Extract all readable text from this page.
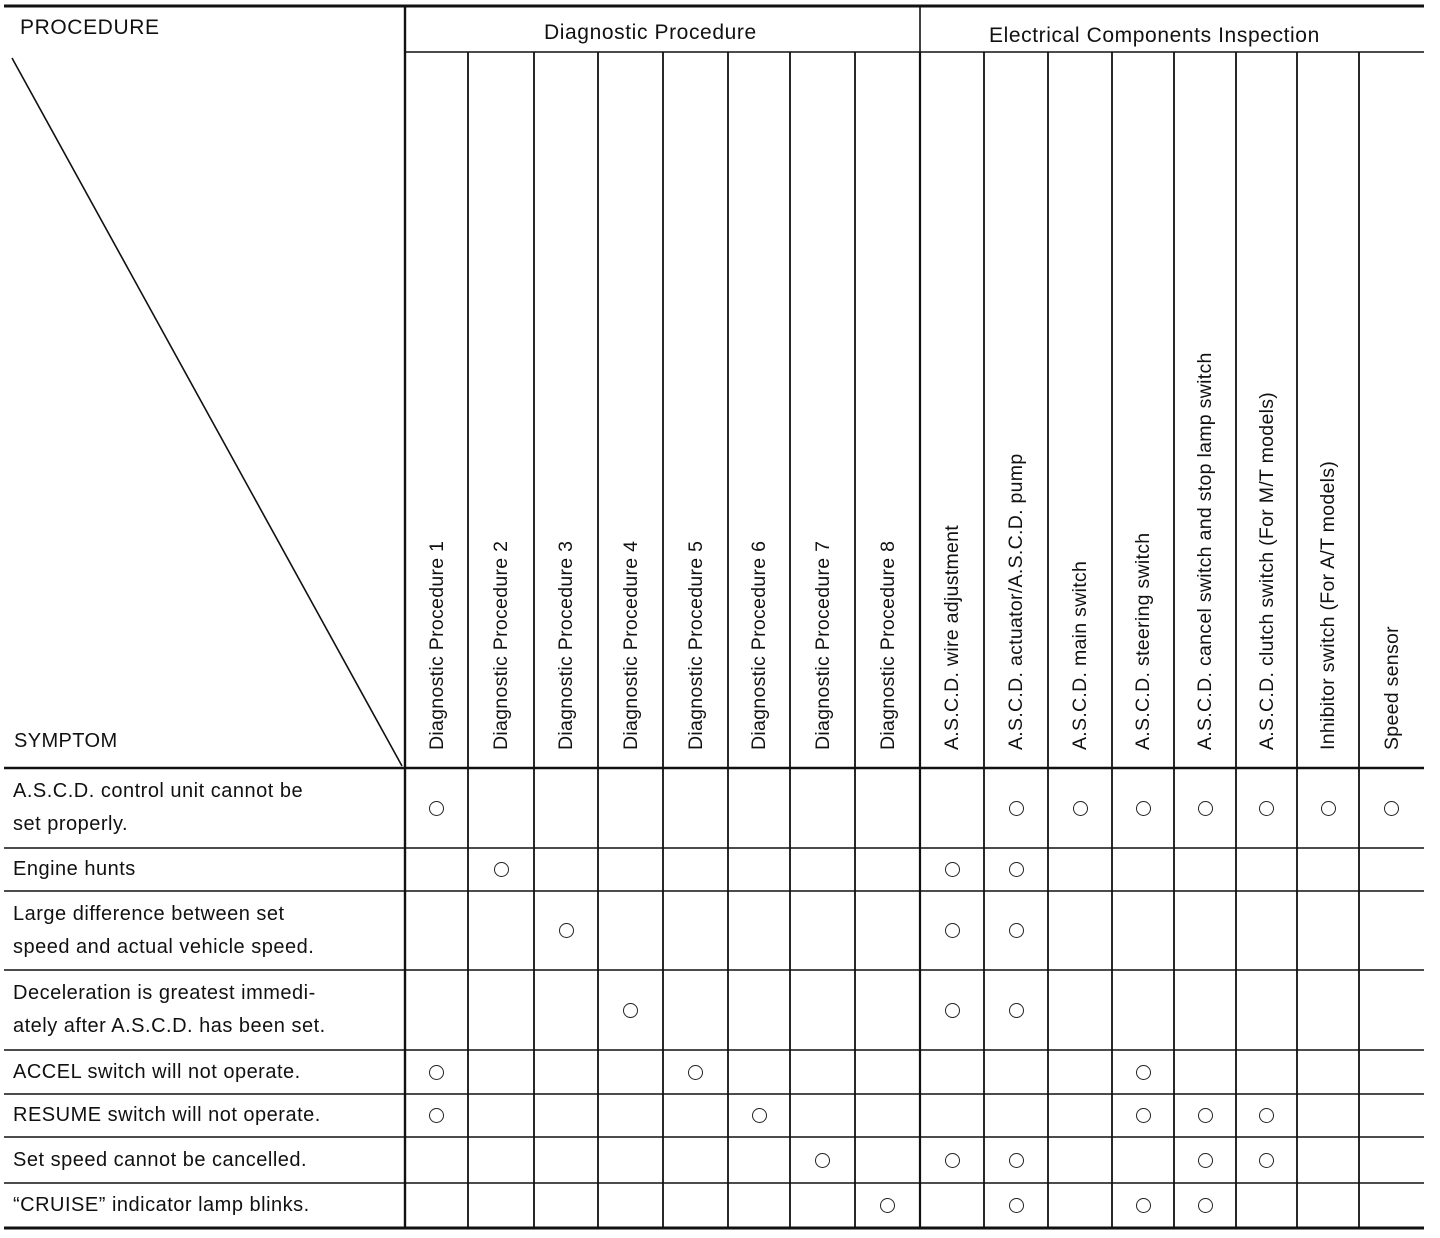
PROCEDURE
SYMPTOM
Diagnostic Procedure	Electrical Components Inspection
Diagnostic Procedure 1 Diagnostic Procedure 2 Diagnostic Procedure 3 Diagnostic Procedure 4 Diagnostic Procedure 5 Diagnostic Procedure 6 Diagnostic Procedure 7 Diagnostic Procedure 8 A.S.C.D. wire adjustment A.S.C.D. actuator/A.S.C.D. pump A.S.C.D. main switch A.S.C.D. steering switch A.S.C.D. cancel switch and stop lamp switch A.S.C.D. clutch switch (For M/T models) Inhibitor switch (For A/T models) Speed sensor
A.S.C.D. control unit cannot be
set properly.
Engine hunts
Large difference between set
speed and actual vehicle speed.
Deceleration is greatest immedi-
ately after A.S.C.D. has been set.
ACCEL switch will not operate.
RESUME switch will not operate.
Set speed cannot be cancelled.
“CRUISE” indicator lamp blinks.
